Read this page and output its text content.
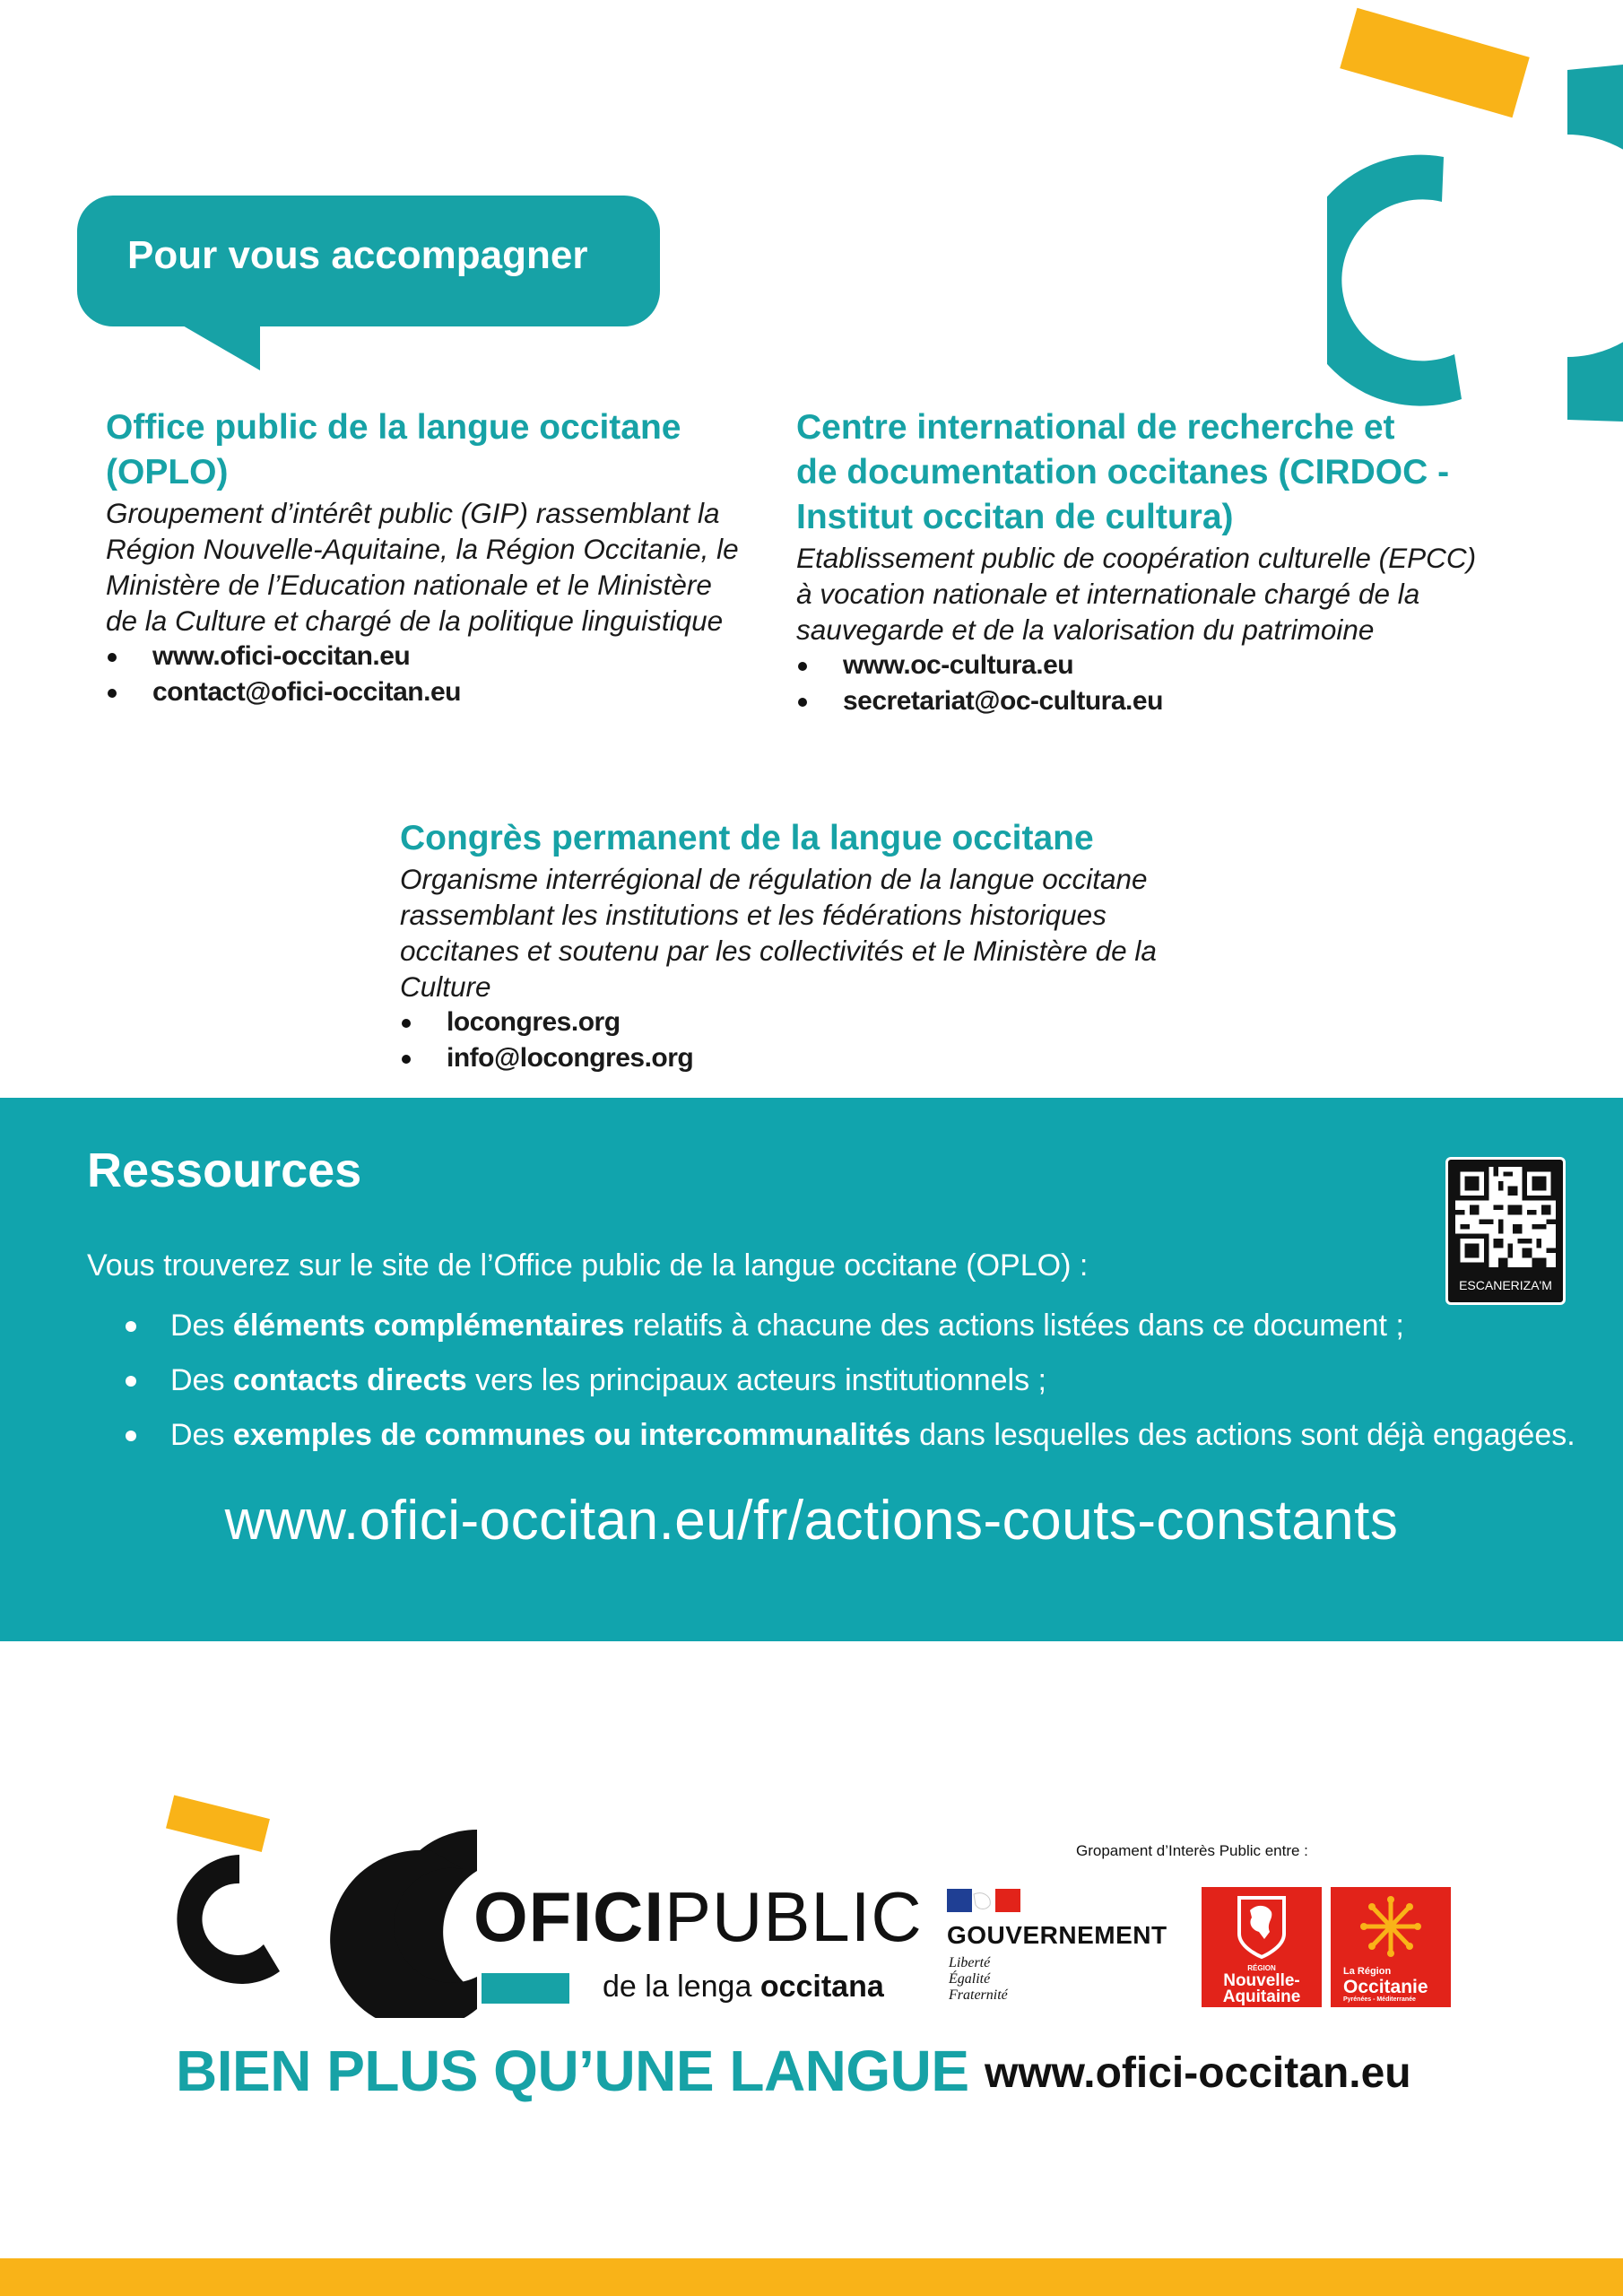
Pour vous accompagner
Office public de la langue occitane
(OPLO)
Groupement d’intérêt public (GIP) rassemblant la
Région Nouvelle-Aquitaine, la Région Occitanie, le
Ministère de l’Education nationale et le Ministère
de la Culture et chargé de la politique linguistique
www.ofici-occitan.eu
contact@ofici-occitan.eu
Centre international de recherche et
de documentation occitanes (CIRDOC -
Institut occitan de cultura)
Etablissement public de coopération culturelle (EPCC)
à vocation nationale et internationale chargé de la
sauvegarde et de la valorisation du patrimoine
www.oc-cultura.eu
secretariat@oc-cultura.eu
Congrès permanent de la langue occitane
Organisme interrégional de régulation de la langue occitane
rassemblant les institutions et les fédérations historiques
occitanes et soutenu par les collectivités et le Ministère de la
Culture
locongres.org
info@locongres.org
Ressources
Vous trouverez sur le site de l’Office public de la langue occitane (OPLO) :
Des éléments complémentaires relatifs à chacune des actions listées dans ce document ;
Des contacts directs vers les principaux acteurs institutionnels ;
Des exemples de communes ou intercommunalités dans lesquelles des actions sont déjà engagées.
www.ofici-occitan.eu/fr/actions-couts-constants
ESCANERIZA'M
OFICIPUBLIC
de la lenga occitana
Gropament d’Interès Public entre :
GOUVERNEMENT
Liberté
Égalité
Fraternité
RÉGION
Nouvelle-
Aquitaine
La Région
Occitanie
Pyrénées - Méditerranée
BIEN PLUS QU’UNE LANGUE www.ofici-occitan.eu
